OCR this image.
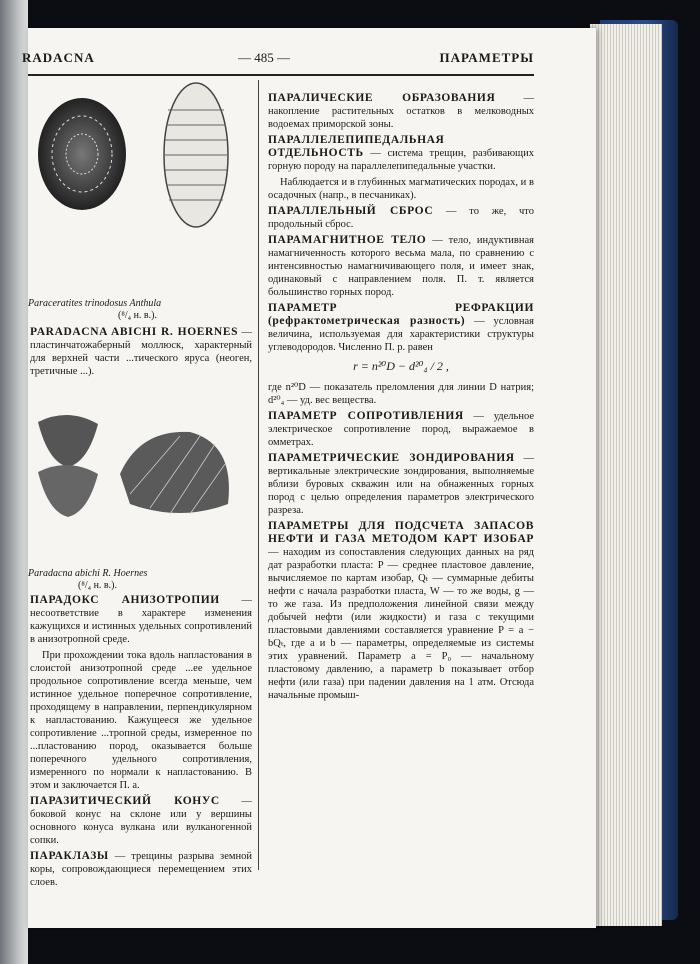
RADACNA	— 485 —	ПАРАМЕТРЫ
Paraceratites trinodosus Anthula
(⁸/₄ н. в.).

PARADACNA ABICHI R. HOERNES — пластинчатожаберный моллюск, характерный для верхней части ...тического яруса (неоген, третичные ...).

Paradacna abichi R. Hoernes
(⁸/₄ н. в.).

ПАРАДОКС АНИЗОТРОПИИ — несоответствие в характере изменения кажущихся и истинных удельных сопротивлений в анизотропной среде.

При прохождении тока вдоль напластования в слоистой анизотропной среде ...ее удельное продольное сопротивление всегда меньше, чем истинное удельное поперечное сопротивление, проходящему в направлении, перпендикулярном к напластованию. Кажущееся же удельное сопротивление ...тропной среды, измеренное по ...пластованию пород, оказывается больше поперечного удельного сопротивления, измеренного по нормали к напластованию. В этом и заключается П. а.

ПАРАЗИТИЧЕСКИЙ КОНУС — боковой конус на склоне или у вершины основного конуса вулкана или вулканогенной сопки.

ПАРАКЛАЗЫ — трещины разрыва земной коры, сопровождающиеся перемещением этих слоев.

ПАРАЛИЧЕСКИЕ ОБРАЗОВАНИЯ	— накопление растительных остатков в мелководных водоемах приморской зоны.

ПАРАЛЛЕЛЕПИПЕДАЛЬНАЯ ОТДЕЛЬНОСТЬ — система трещин, разбивающих горную породу на параллелепипедальные участки.

Наблюдается и в глубинных магматических породах, и в осадочных (напр., в песчаниках).

ПАРАЛЛЕЛЬНЫЙ СБРОС — то же, что продольный сброс.

ПАРАМАГНИТНОЕ ТЕЛО — тело, индуктивная намагниченность которого весьма мала, по сравнению с интенсивностью намагничивающего поля, и имеет знак, одинаковый с направлением поля. П. т. является большинство горных пород.

ПАРАМЕТР РЕФРАКЦИИ (рефрактометрическая разность) — условная величина, используемая для характеристики структуры углеводородов. Численно П. р. равен

r = n²⁰D − d²⁰₄ / 2 ,

где n²⁰D — показатель преломления для линии D натрия; d²⁰₄ — уд. вес вещества.

ПАРАМЕТР СОПРОТИВЛЕНИЯ — удельное электрическое сопротивление пород, выражаемое в омметрах.

ПАРАМЕТРИЧЕСКИЕ ЗОНДИРОВАНИЯ — вертикальные электрические зондирования, выполняемые вблизи буровых скважин или на обнаженных горных пород с целью определения параметров электрического разреза.

ПАРАМЕТРЫ ДЛЯ ПОДСЧЕТА ЗАПАСОВ НЕФТИ И ГАЗА МЕТОДОМ КАРТ ИЗОБАР — находим из сопоставления следующих данных на ряд дат разработки пласта: P — среднее пластовое давление, вычисляемое по картам изобар, Qₜ — суммарные дебиты нефти с начала разработки пласта, W — то же воды, g — то же газа. Из предположения линейной связи между добычей нефти (или жидкости) и газа с текущими пластовыми давлениями составляется уравнение P = a − bQₜ, где a и b — параметры, определяемые из системы этих уравнений. Параметр a = P₀ — начальному пластовому давлению, а параметр b показывает отбор нефти (или газа) при падении давления на 1 атм. Отсюда начальные промыш-
